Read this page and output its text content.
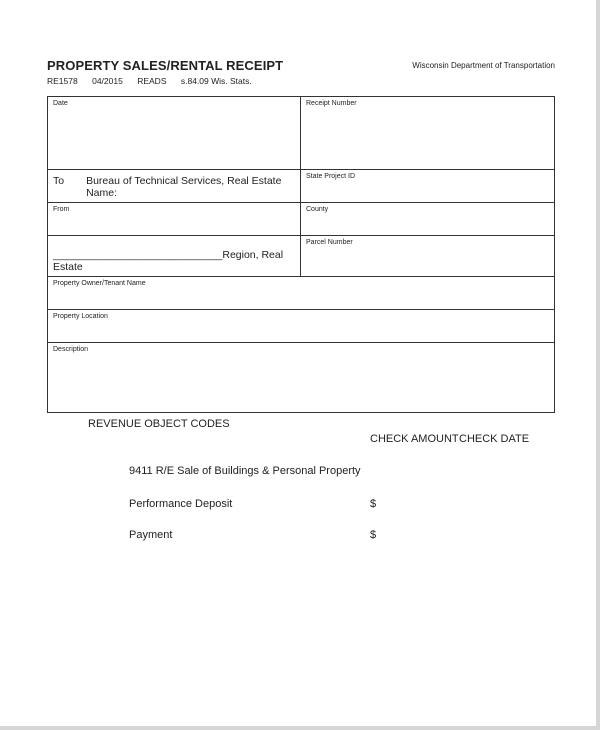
PROPERTY SALES/RENTAL RECEIPT	Wisconsin Department of Transportation
RE1578 04/2015 READS s.84.09 Wis. Stats.
Date	Receipt Number

To Bureau of Technical Services, Real Estate
Name:	State Project ID
From	County

_____________________________Region, Real Estate	Parcel Number
Property Owner/Tenant Name	
Property Location	
Description	
REVENUE OBJECT CODES
CHECK AMOUNT CHECK DATE
9411 R/E Sale of Buildings & Personal Property
Performance Deposit	$
Payment	$
